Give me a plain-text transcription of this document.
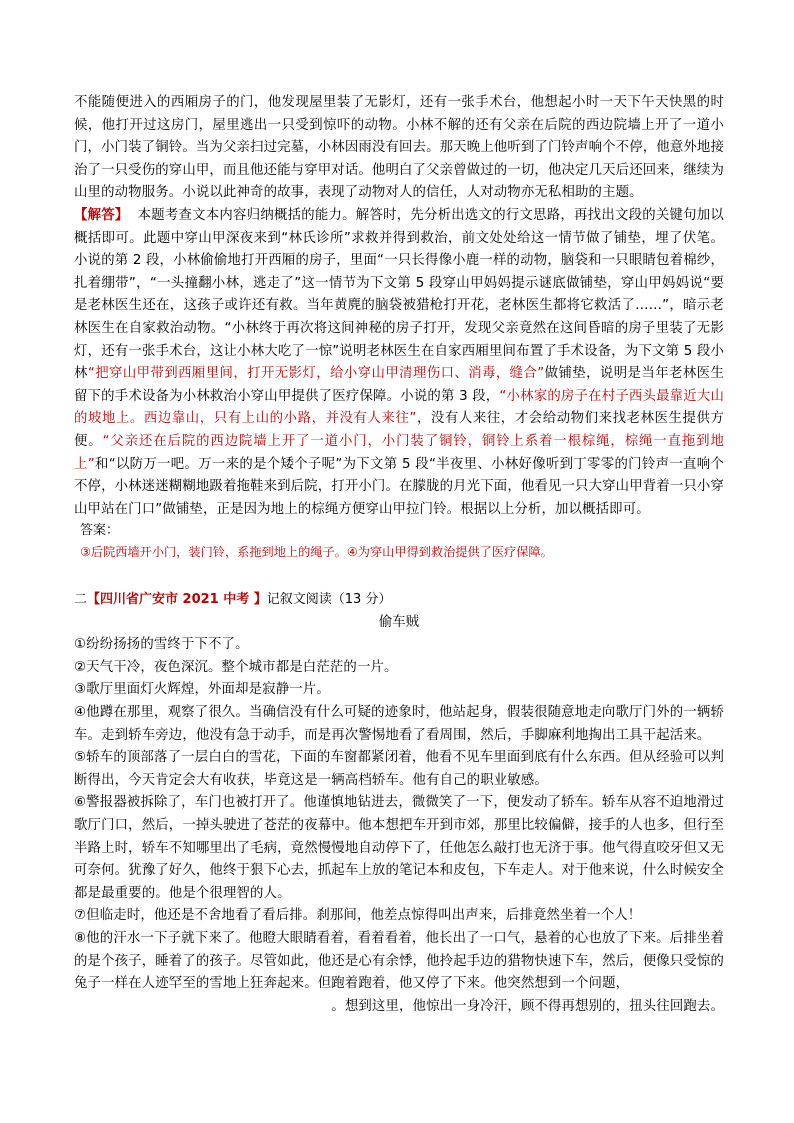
不能随便进入的西厢房子的门，他发现屋里装了无影灯，还有一张手术台，他想起小时一天下午天快黑的时候，他打开过这房门，屋里逃出一只受到惊吓的动物。小林不解的还有父亲在后院的西边院墙上开了一道小门，小门装了铜铃。当为父亲扫过完墓，小林因雨没有回去。那天晚上他听到了门铃声响个不停，他意外地接治了一只受伤的穿山甲，而且他还能与穿甲对话。他明白了父亲曾做过的一切，他决定几天后还回来，继续为山里的动物服务。小说以此神奇的故事，表现了动物对人的信任，人对动物亦无私相助的主题。

【解答】 本题考查文本内容归纳概括的能力。解答时，先分析出选文的行文思路，再找出文段的关键句加以概括即可。此题中穿山甲深夜来到“林氏诊所”求救并得到救治，前文处处给这一情节做了铺垫，埋了伏笔。小说的第 2 段，小林偷偷地打开西厢的房子，里面“一只长得像小鹿一样的动物，脑袋和一只眼睛包着棉纱，扎着绷带”，“一头撞翻小林，逃走了”这一情节为下文第 5 段穿山甲妈妈提示谜底做铺垫，穿山甲妈妈说“要是老林医生还在，这孩子或许还有救。当年黄麂的脑袋被猎枪打开花，老林医生都将它救活了……”，暗示老林医生在自家救治动物。“小林终于再次将这间神秘的房子打开，发现父亲竟然在这间昏暗的房子里装了无影灯，还有一张手术台，这让小林大吃了一惊”说明老林医生在自家西厢里间布置了手术设备，为下文第 5 段小林“把穿山甲带到西厢里间，打开无影灯，给小穿山甲清理伤口、消毒，缝合”做铺垫，说明是当年老林医生留下的手术设备为小林救治小穿山甲提供了医疗保障。小说的第 3 段，“小林家的房子在村子西头最靠近大山的坡地上。西边靠山，只有上山的小路，并没有人来往”，没有人来往，才会给动物们来找老林医生提供方便。“父亲还在后院的西边院墙上开了一道小门，小门装了铜铃，铜铃上系着一根棕绳，棕绳一直拖到地上”和“以防万一吧。万一来的是个矮个子呢”为下文第 5 段“半夜里、小林好像听到丁零零的门铃声一直响个不停，小林迷迷糊糊地趿着拖鞋来到后院，打开小门。在朦胧的月光下面，他看见一只大穿山甲背着一只小穿山甲站在门口”做铺垫，正是因为地上的棕绳方便穿山甲拉门铃。根据以上分析，加以概括即可。

答案：

③后院西墙开小门，装门铃，系拖到地上的绳子。④为穿山甲得到救治提供了医疗保障。

二【四川省广安市 2021 中考 】记叙文阅读（13 分）

偷车贼

①纷纷扬扬的雪终于下不了。

②天气干冷，夜色深沉。整个城市都是白茫茫的一片。

③歌厅里面灯火辉煌，外面却是寂静一片。

④他蹲在那里，观察了很久。当确信没有什么可疑的迹象时，他站起身，假装很随意地走向歌厅门外的一辆轿车。走到轿车旁边，他没有急于动手，而是再次警惕地看了看周围，然后，手脚麻利地掏出工具干起活来。

⑤轿车的顶部落了一层白白的雪花，下面的车窗都紧闭着，他看不见车里面到底有什么东西。但从经验可以判断得出，今天肯定会大有收获，毕竟这是一辆高档轿车。他有自己的职业敏感。

⑥警报器被拆除了，车门也被打开了。他谨慎地钻进去，微微笑了一下，便发动了轿车。轿车从容不迫地滑过歌厅门口，然后，一掉头驶进了苍茫的夜幕中。他本想把车开到市郊，那里比较偏僻，接手的人也多，但行至半路上时，轿车不知哪里出了毛病，竟然慢慢地自动停下了，任他怎么敲打也无济于事。他气得直咬牙但又无可奈何。犹豫了好久，他终于狠下心去，抓起车上放的笔记本和皮包，下车走人。对于他来说，什么时候安全都是最重要的。他是个很理智的人。

⑦但临走时，他还是不舍地看了看后排。刹那间，他差点惊得叫出声来，后排竟然坐着一个人！

⑧他的汗水一下子就下来了。他瞪大眼睛看着，看着看着，他长出了一口气，悬着的心也放了下来。后排坐着的是个孩子，睡着了的孩子。尽管如此，他还是心有余悸，他拎起手边的猎物快速下车，然后，便像只受惊的兔子一样在人迹罕至的雪地上狂奔起来。但跑着跑着，他又停了下来。他突然想到一个问题，

。想到这里，他惊出一身冷汗，顾不得再想别的，扭头往回跑去。
